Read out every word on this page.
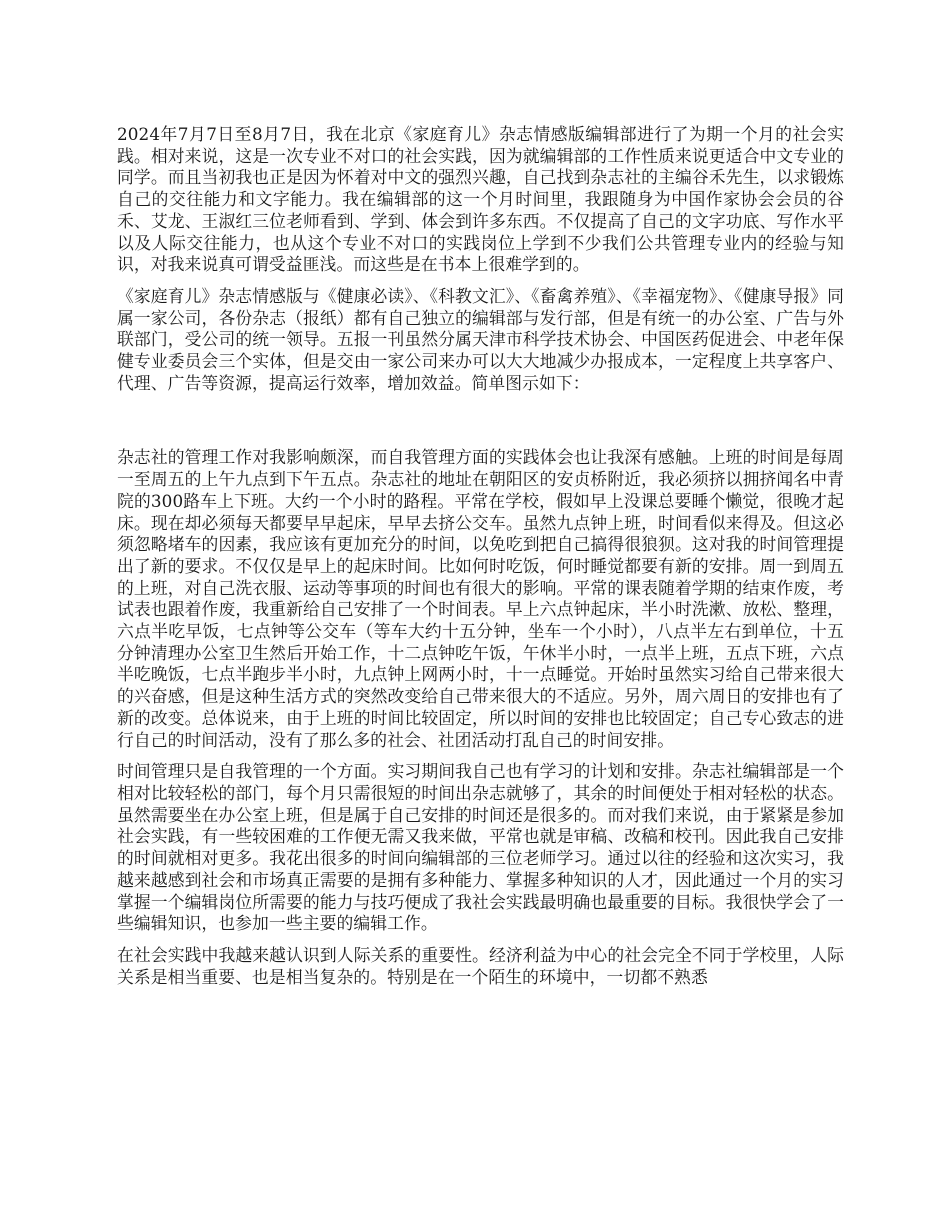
2024年7月7日至8月7日，我在北京《家庭育儿》杂志情感版编辑部进行了为期一个月的社会实践。相对来说，这是一次专业不对口的社会实践，因为就编辑部的工作性质来说更适合中文专业的同学。而且当初我也正是因为怀着对中文的强烈兴趣，自己找到杂志社的主编谷禾先生，以求锻炼自己的交往能力和文字能力。我在编辑部的这一个月时间里，我跟随身为中国作家协会会员的谷禾、艾龙、王淑红三位老师看到、学到、体会到许多东西。不仅提高了自己的文字功底、写作水平以及人际交往能力，也从这个专业不对口的实践岗位上学到不少我们公共管理专业内的经验与知识，对我来说真可谓受益匪浅。而这些是在书本上很难学到的。

《家庭育儿》杂志情感版与《健康必读》、《科教文汇》、《畜禽养殖》、《幸福宠物》、《健康导报》同属一家公司，各份杂志（报纸）都有自己独立的编辑部与发行部，但是有统一的办公室、广告与外联部门，受公司的统一领导。五报一刊虽然分属天津市科学技术协会、中国医药促进会、中老年保健专业委员会三个实体，但是交由一家公司来办可以大大地减少办报成本，一定程度上共享客户、代理、广告等资源，提高运行效率，增加效益。简单图示如下：

杂志社的管理工作对我影响颇深，而自我管理方面的实践体会也让我深有感触。上班的时间是每周一至周五的上午九点到下午五点。杂志社的地址在朝阳区的安贞桥附近，我必须挤以拥挤闻名中青院的300路车上下班。大约一个小时的路程。平常在学校，假如早上没课总要睡个懒觉，很晚才起床。现在却必须每天都要早早起床，早早去挤公交车。虽然九点钟上班，时间看似来得及。但这必须忽略堵车的因素，我应该有更加充分的时间，以免吃到把自己搞得很狼狈。这对我的时间管理提出了新的要求。不仅仅是早上的起床时间。比如何时吃饭，何时睡觉都要有新的安排。周一到周五的上班，对自己洗衣服、运动等事项的时间也有很大的影响。平常的课表随着学期的结束作废，考试表也跟着作废，我重新给自己安排了一个时间表。早上六点钟起床，半小时洗漱、放松、整理，六点半吃早饭，七点钟等公交车（等车大约十五分钟，坐车一个小时），八点半左右到单位，十五分钟清理办公室卫生然后开始工作，十二点钟吃午饭，午休半小时，一点半上班，五点下班，六点半吃晚饭，七点半跑步半小时，九点钟上网两小时，十一点睡觉。开始时虽然实习给自己带来很大的兴奋感，但是这种生活方式的突然改变给自己带来很大的不适应。另外，周六周日的安排也有了新的改变。总体说来，由于上班的时间比较固定，所以时间的安排也比较固定；自己专心致志的进行自己的时间活动，没有了那么多的社会、社团活动打乱自己的时间安排。

时间管理只是自我管理的一个方面。实习期间我自己也有学习的计划和安排。杂志社编辑部是一个相对比较轻松的部门，每个月只需很短的时间出杂志就够了，其余的时间便处于相对轻松的状态。虽然需要坐在办公室上班，但是属于自己安排的时间还是很多的。而对我们来说，由于紧紧是参加社会实践，有一些较困难的工作便无需又我来做，平常也就是审稿、改稿和校刊。因此我自己安排的时间就相对更多。我花出很多的时间向编辑部的三位老师学习。通过以往的经验和这次实习，我越来越感到社会和市场真正需要的是拥有多种能力、掌握多种知识的人才，因此通过一个月的实习掌握一个编辑岗位所需要的能力与技巧便成了我社会实践最明确也最重要的目标。我很快学会了一些编辑知识，也参加一些主要的编辑工作。

在社会实践中我越来越认识到人际关系的重要性。经济利益为中心的社会完全不同于学校里，人际关系是相当重要、也是相当复杂的。特别是在一个陌生的环境中，一切都不熟悉
